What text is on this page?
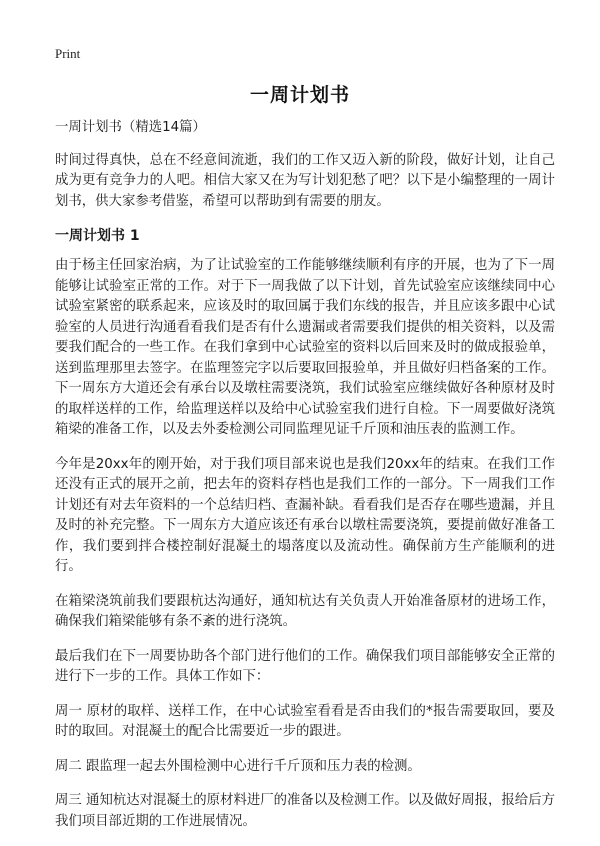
Print
一周计划书

一周计划书（精选14篇）

时间过得真快，总在不经意间流逝，我们的工作又迈入新的阶段，做好计划，让自己成为更有竞争力的人吧。相信大家又在为写计划犯愁了吧？以下是小编整理的一周计划书，供大家参考借鉴，希望可以帮助到有需要的朋友。

一周计划书 1

由于杨主任回家治病，为了让试验室的工作能够继续顺利有序的开展，也为了下一周能够让试验室正常的工作。对于下一周我做了以下计划，首先试验室应该继续同中心试验室紧密的联系起来，应该及时的取回属于我们东线的报告，并且应该多跟中心试验室的人员进行沟通看看我们是否有什么遗漏或者需要我们提供的相关资料，以及需要我们配合的一些工作。在我们拿到中心试验室的资料以后回来及时的做成报验单，送到监理那里去签字。在监理签完字以后要取回报验单，并且做好归档备案的工作。下一周东方大道还会有承台以及墩柱需要浇筑，我们试验室应继续做好各种原材及时的取样送样的工作，给监理送样以及给中心试验室我们进行自检。下一周要做好浇筑箱梁的准备工作，以及去外委检测公司同监理见证千斤顶和油压表的监测工作。

今年是20xx年的刚开始，对于我们项目部来说也是我们20xx年的结束。在我们工作还没有正式的展开之前，把去年的资料存档也是我们工作的一部分。下一周我们工作计划还有对去年资料的一个总结归档、查漏补缺。看看我们是否存在哪些遗漏，并且及时的补充完整。下一周东方大道应该还有承台以墩柱需要浇筑，要提前做好准备工作，我们要到拌合楼控制好混凝土的塌落度以及流动性。确保前方生产能顺利的进行。

在箱梁浇筑前我们要跟杭达沟通好，通知杭达有关负责人开始准备原材的进场工作，确保我们箱梁能够有条不紊的进行浇筑。

最后我们在下一周要协助各个部门进行他们的工作。确保我们项目部能够安全正常的进行下一步的工作。具体工作如下：

周一 原材的取样、送样工作，在中心试验室看看是否由我们的*报告需要取回，要及时的取回。对混凝土的配合比需要近一步的跟进。

周二 跟监理一起去外围检测中心进行千斤顶和压力表的检测。

周三 通知杭达对混凝土的原材料进厂的准备以及检测工作。以及做好周报，报给后方我们项目部近期的工作进展情况。
